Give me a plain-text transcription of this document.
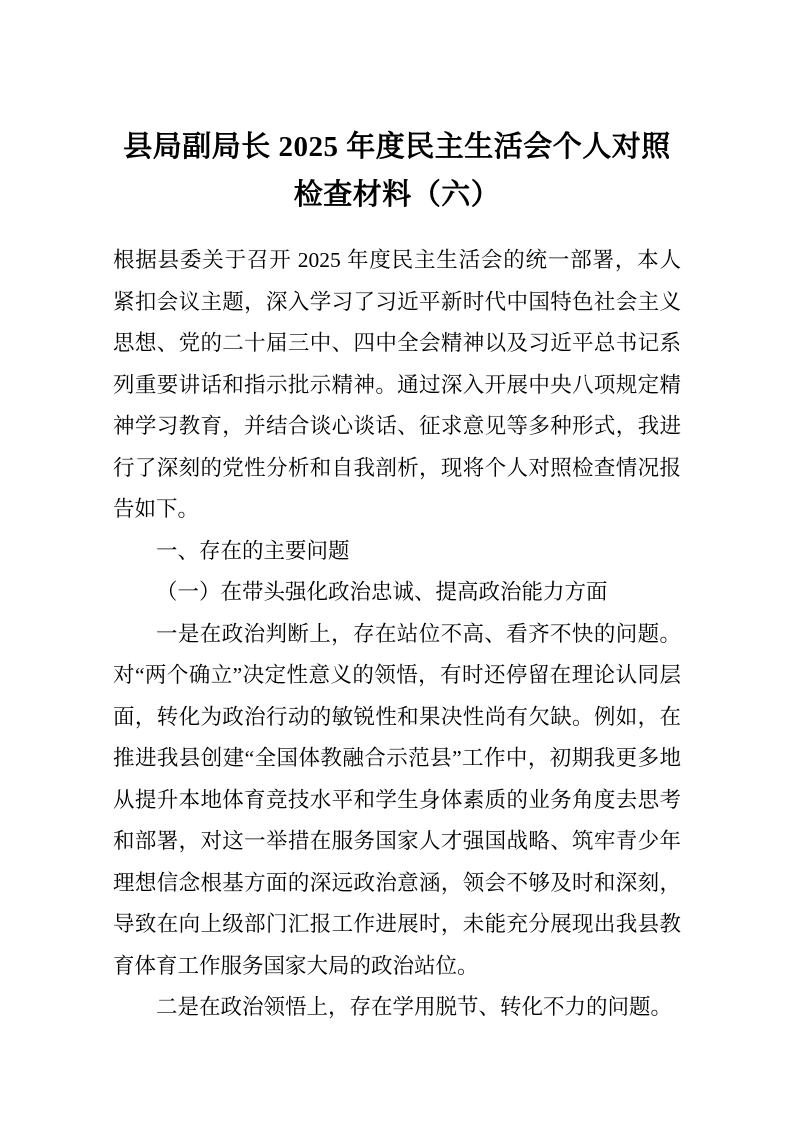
县局副局长 2025 年度民主生活会个人对照
检查材料（六）

根据县委关于召开 2025 年度民主生活会的统一部署，本人紧扣会议主题，深入学习了习近平新时代中国特色社会主义思想、党的二十届三中、四中全会精神以及习近平总书记系列重要讲话和指示批示精神。通过深入开展中央八项规定精神学习教育，并结合谈心谈话、征求意见等多种形式，我进行了深刻的党性分析和自我剖析，现将个人对照检查情况报告如下。

一、存在的主要问题

（一）在带头强化政治忠诚、提高政治能力方面

一是在政治判断上，存在站位不高、看齐不快的问题。对“两个确立”决定性意义的领悟，有时还停留在理论认同层面，转化为政治行动的敏锐性和果决性尚有欠缺。例如，在推进我县创建“全国体教融合示范县”工作中，初期我更多地从提升本地体育竞技水平和学生身体素质的业务角度去思考和部署，对这一举措在服务国家人才强国战略、筑牢青少年理想信念根基方面的深远政治意涵，领会不够及时和深刻，导致在向上级部门汇报工作进展时，未能充分展现出我县教育体育工作服务国家大局的政治站位。

二是在政治领悟上，存在学用脱节、转化不力的问题。
